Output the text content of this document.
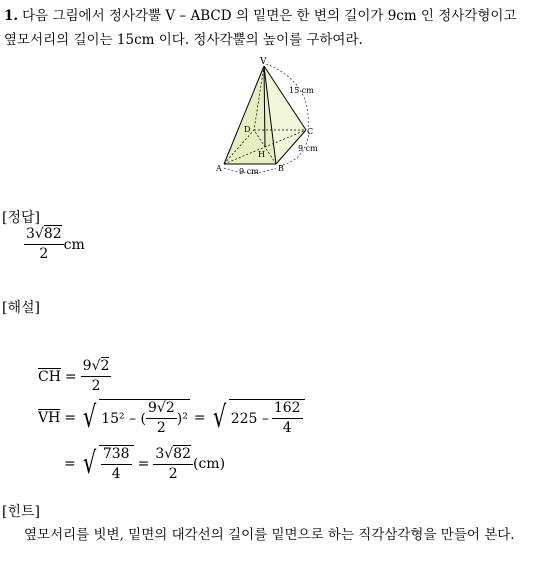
1. 다음 그림에서 정사각뿔 V – ABCD 의 밑면은 한 변의 길이가 9cm 인 정사각형이고 옆모서리의 길이는 15cm 이다. 정사각뿔의 높이를 구하여라.
V
A	B
C
D
H
15 cm
9 cm
9 cm
[정답]
$\frac{3√82}{2}$ cm
[해설]
$\overline{CH} = \frac{9√2}{2}$
$\overline{VH}$ = √ 15² – ( $\frac{9√2}{2} )^2$ = √ $225 - \frac{162}{4}$
= √ $\frac{738}{4} = \frac{3√82}{2} (cm)$
[힌트]
옆모서리를 빗변, 밑면의 대각선의 길이를 밑면으로 하는 직각삼각형을 만들어 본다.
